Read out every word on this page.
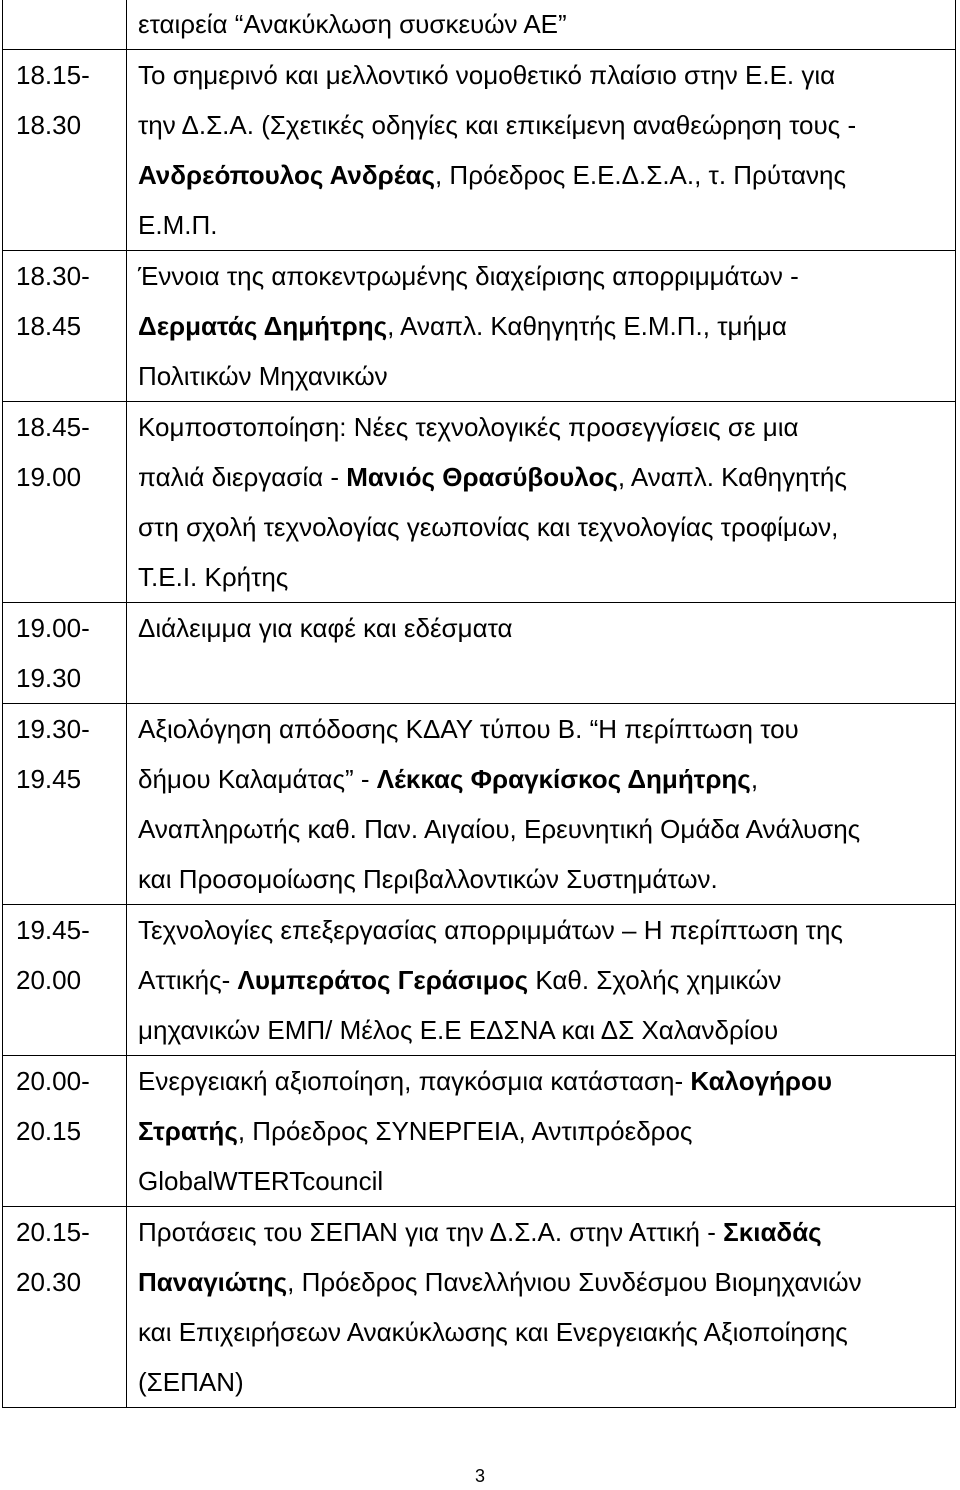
	εταιρεία “Ανακύκλωση συσκευών ΑΕ”

18.15-
18.30	Το σημερινό και μελλοντικό νομοθετικό πλαίσιο στην Ε.Ε. για
την Δ.Σ.Α. (Σχετικές οδηγίες και επικείμενη αναθεώρηση τους -
Ανδρεόπουλος Ανδρέας, Πρόεδρος Ε.Ε.Δ.Σ.Α., τ. Πρύτανης
Ε.Μ.Π.

18.30-
18.45	Έννοια της αποκεντρωμένης διαχείρισης απορριμμάτων -
Δερματάς Δημήτρης, Αναπλ. Καθηγητής Ε.Μ.Π., τμήμα
Πολιτικών Μηχανικών

18.45-
19.00	Κομποστοποίηση: Νέες τεχνολογικές προσεγγίσεις σε μια
παλιά διεργασία - Μανιός Θρασύβουλος, Αναπλ. Καθηγητής
στη σχολή τεχνολογίας γεωπονίας και τεχνολογίας τροφίμων,
Τ.Ε.Ι. Κρήτης

19.00-
19.30	Διάλειμμα για καφέ και εδέσματα

19.30-
19.45	Αξιολόγηση απόδοσης ΚΔΑΥ τύπου Β. “Η περίπτωση του
δήμου Καλαμάτας” - Λέκκας Φραγκίσκος Δημήτρης,
Αναπληρωτής καθ. Παν. Αιγαίου, Ερευνητική Ομάδα Ανάλυσης
και Προσομοίωσης Περιβαλλοντικών Συστημάτων.

19.45-
20.00	Τεχνολογίες επεξεργασίας απορριμμάτων – Η περίπτωση της
Αττικής- Λυμπεράτος Γεράσιμος Καθ. Σχολής χημικών
μηχανικών ΕΜΠ/ Μέλος Ε.Ε ΕΔΣΝΑ και ΔΣ Χαλανδρίου

20.00-
20.15	Ενεργειακή αξιοποίηση, παγκόσμια κατάσταση- Καλογήρου
Στρατής, Πρόεδρος ΣΥΝΕΡΓΕΙΑ, Αντιπρόεδρος
GlobalWTERTcouncil

20.15-
20.30	Προτάσεις του ΣΕΠΑΝ για την Δ.Σ.Α. στην Αττική - Σκιαδάς
Παναγιώτης, Πρόεδρος Πανελλήνιου Συνδέσμου Βιομηχανιών
και Επιχειρήσεων Ανακύκλωσης και Ενεργειακής Αξιοποίησης
(ΣΕΠΑΝ)
3
